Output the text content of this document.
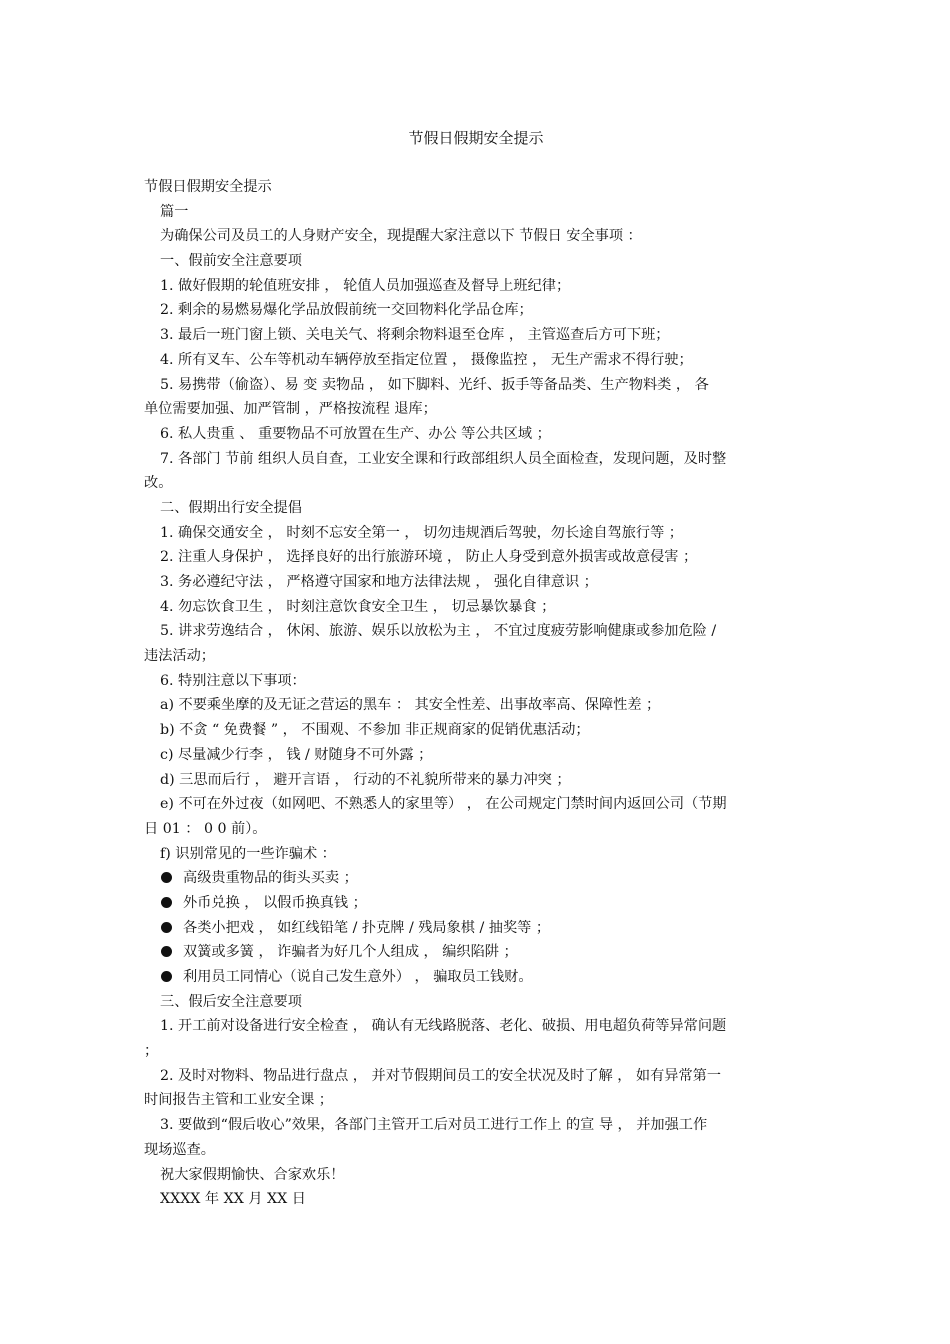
节假日假期安全提示
节假日假期安全提示
篇一
为确保公司及员工的人身财产安全，现提醒大家注意以下 节假日 安全事项 ：
一、假前安全注意要项
1. 做好假期的轮值班安排 ， 轮值人员加强巡查及督导上班纪律；
2. 剩余的易燃易爆化学品放假前统一交回物料化学品仓库；
3. 最后一班门窗上锁、关电关气、将剩余物料退至仓库 ， 主管巡查后方可下班；
4. 所有叉车、公车等机动车辆停放至指定位置 ， 摄像监控 ， 无生产需求不得行驶；
5. 易携带（偷盗）、易 变 卖物品 ， 如下脚料、光纤、扳手等备品类、生产物料类 ， 各
单位需要加强、加严管制 ，严格按流程 退库；
6. 私人贵重 、 重要物品不可放置在生产、办公 等公共区域 ；
7. 各部门 节前 组织人员自查，工业安全课和行政部组织人员全面检查，发现问题，及时整
改。
二、假期出行安全提倡
1. 确保交通安全 ， 时刻不忘安全第一 ， 切勿违规酒后驾驶，勿长途自驾旅行等 ；
2. 注重人身保护 ， 选择良好的出行旅游环境 ， 防止人身受到意外损害或故意侵害 ；
3. 务必遵纪守法 ， 严格遵守国家和地方法律法规 ， 强化自律意识 ；
4. 勿忘饮食卫生 ， 时刻注意饮食安全卫生 ， 切忌暴饮暴食 ；
5. 讲求劳逸结合 ， 休闲、旅游、娱乐以放松为主 ， 不宜过度疲劳影响健康或参加危险 /
违法活动；
6. 特别注意以下事项：
a) 不要乘坐摩的及无证之营运的黑车 ： 其安全性差、出事故率高、保障性差 ；
b) 不贪 “ 免费餐 ” ， 不围观、不参加 非正规商家的促销优惠活动；
c) 尽量减少行李 ， 钱 / 财随身不可外露 ；
d) 三思而后行 ， 避开言语 ， 行动的不礼貌所带来的暴力冲突 ；
e) 不可在外过夜（如网吧、不熟悉人的家里等） ， 在公司规定门禁时间内返回公司（节期
日 01 ： 0 0 前）。
f) 识别常见的一些诈骗术 ：
高级贵重物品的街头买卖 ；
外币兑换 ， 以假币换真钱 ；
各类小把戏 ， 如红线铅笔 / 扑克牌 / 残局象棋 / 抽奖等 ；
双簧或多簧 ， 诈骗者为好几个人组成 ， 编织陷阱 ；
利用员工同情心（说自己发生意外） ， 骗取员工钱财。
三、假后安全注意要项
1. 开工前对设备进行安全检查 ， 确认有无线路脱落、老化、破损、用电超负荷等异常问题
；
2. 及时对物料、物品进行盘点 ， 并对节假期间员工的安全状况及时了解 ， 如有异常第一
时间报告主管和工业安全课 ；
3. 要做到“假后收心”效果，各部门主管开工后对员工进行工作上 的宣 导 ， 并加强工作
现场巡查。
祝大家假期愉快、合家欢乐！
XXXX 年 XX 月 XX 日
